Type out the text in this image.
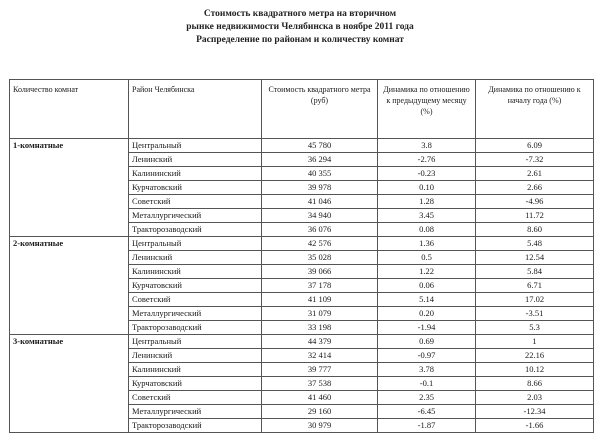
Стоимость квадратного метра на вторичном
рынке недвижимости Челябинска в ноябре 2011 года
Распределение по районам и количеству комнат
Количество комнат	Район Челябинска	Стоимость квадратного метра (руб)	Динамика по отношению к предыдущему месяцу (%)	Динамика по отношению к началу года (%)
1-комнатные	Центральный	45 780	3.8	6.09
	Ленинский	36 294	-2.76	-7.32
	Калининский	40 355	-0.23	2.61
	Курчатовский	39 978	0.10	2.66
	Советский	41 046	1.28	-4.96
	Металлургический	34 940	3.45	11.72
	Тракторозаводский	36 076	0.08	8.60
2-комнатные	Центральный	42 576	1.36	5.48
	Ленинский	35 028	0.5	12.54
	Калининский	39 066	1.22	5.84
	Курчатовский	37 178	0.06	6.71
	Советский	41 109	5.14	17.02
	Металлургический	31 079	0.20	-3.51
	Тракторозаводский	33 198	-1.94	5.3
3-комнатные	Центральный	44 379	0.69	1
	Ленинский	32 414	-0.97	22.16
	Калининский	39 777	3.78	10.12
	Курчатовский	37 538	-0.1	8.66
	Советский	41 460	2.35	2.03
	Металлургический	29 160	-6.45	-12.34
	Тракторозаводский	30 979	-1.87	-1.66
